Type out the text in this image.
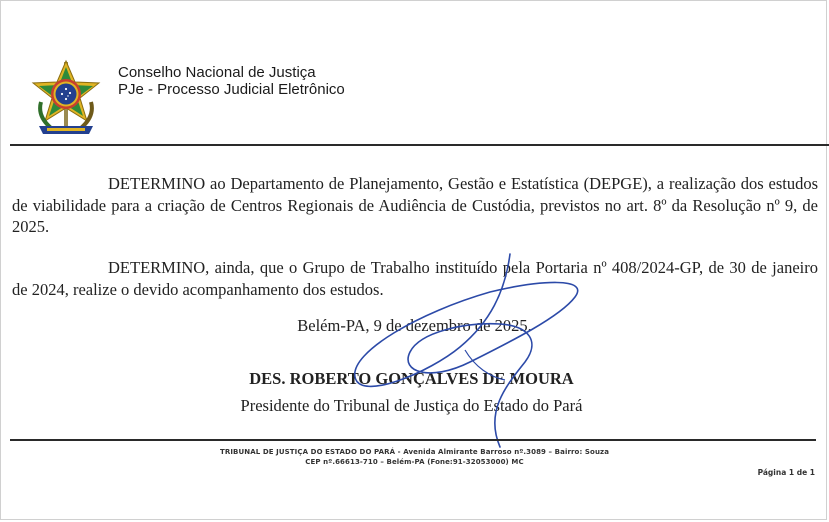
Conselho Nacional de Justiça
PJe - Processo Judicial Eletrônico
DETERMINO ao Departamento de Planejamento, Gestão e Estatística (DEPGE), a realização dos estudos de viabilidade para a criação de Centros Regionais de Audiência de Custódia, previstos no art. 8º da Resolução nº 9, de 2025.
DETERMINO, ainda, que o Grupo de Trabalho instituído pela Portaria nº 408/2024-GP, de 30 de janeiro de 2024, realize o devido acompanhamento dos estudos.
Belém-PA, 9 de dezembro de 2025.
DES. ROBERTO GONÇALVES DE MOURA
Presidente do Tribunal de Justiça do Estado do Pará
TRIBUNAL DE JUSTIÇA DO ESTADO DO PARÁ - Avenida Almirante Barroso nº.3089 – Bairro: Souza
CEP nº.66613-710 – Belém-PA (Fone:91-32053000) MC
Página 1 de 1
